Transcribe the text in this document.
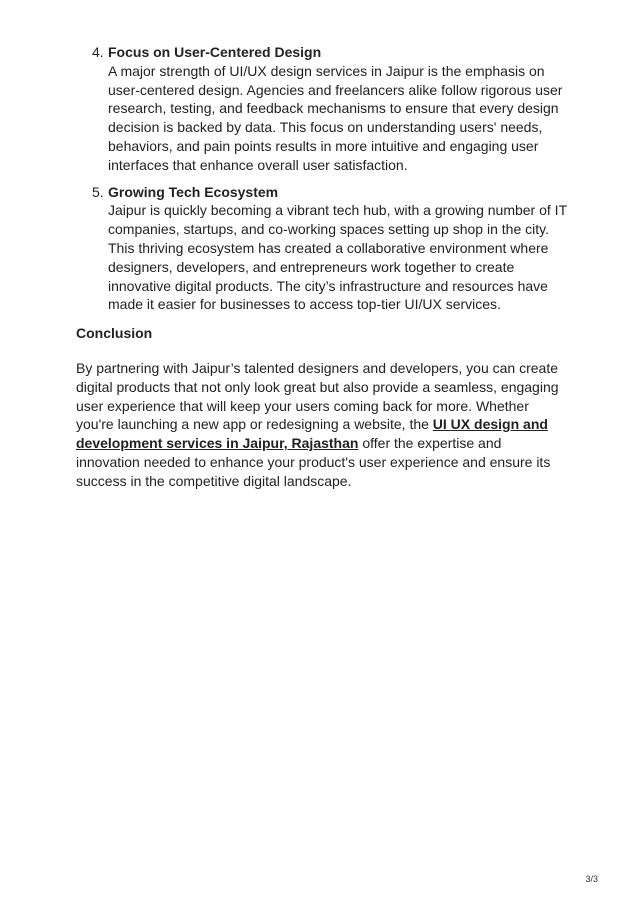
4. Focus on User-Centered Design
A major strength of UI/UX design services in Jaipur is the emphasis on user-centered design. Agencies and freelancers alike follow rigorous user research, testing, and feedback mechanisms to ensure that every design decision is backed by data. This focus on understanding users' needs, behaviors, and pain points results in more intuitive and engaging user interfaces that enhance overall user satisfaction.
5. Growing Tech Ecosystem
Jaipur is quickly becoming a vibrant tech hub, with a growing number of IT companies, startups, and co-working spaces setting up shop in the city. This thriving ecosystem has created a collaborative environment where designers, developers, and entrepreneurs work together to create innovative digital products. The city’s infrastructure and resources have made it easier for businesses to access top-tier UI/UX services.
Conclusion

By partnering with Jaipur’s talented designers and developers, you can create digital products that not only look great but also provide a seamless, engaging user experience that will keep your users coming back for more. Whether you're launching a new app or redesigning a website, the UI UX design and development services in Jaipur, Rajasthan offer the expertise and innovation needed to enhance your product's user experience and ensure its success in the competitive digital landscape.

3/3
